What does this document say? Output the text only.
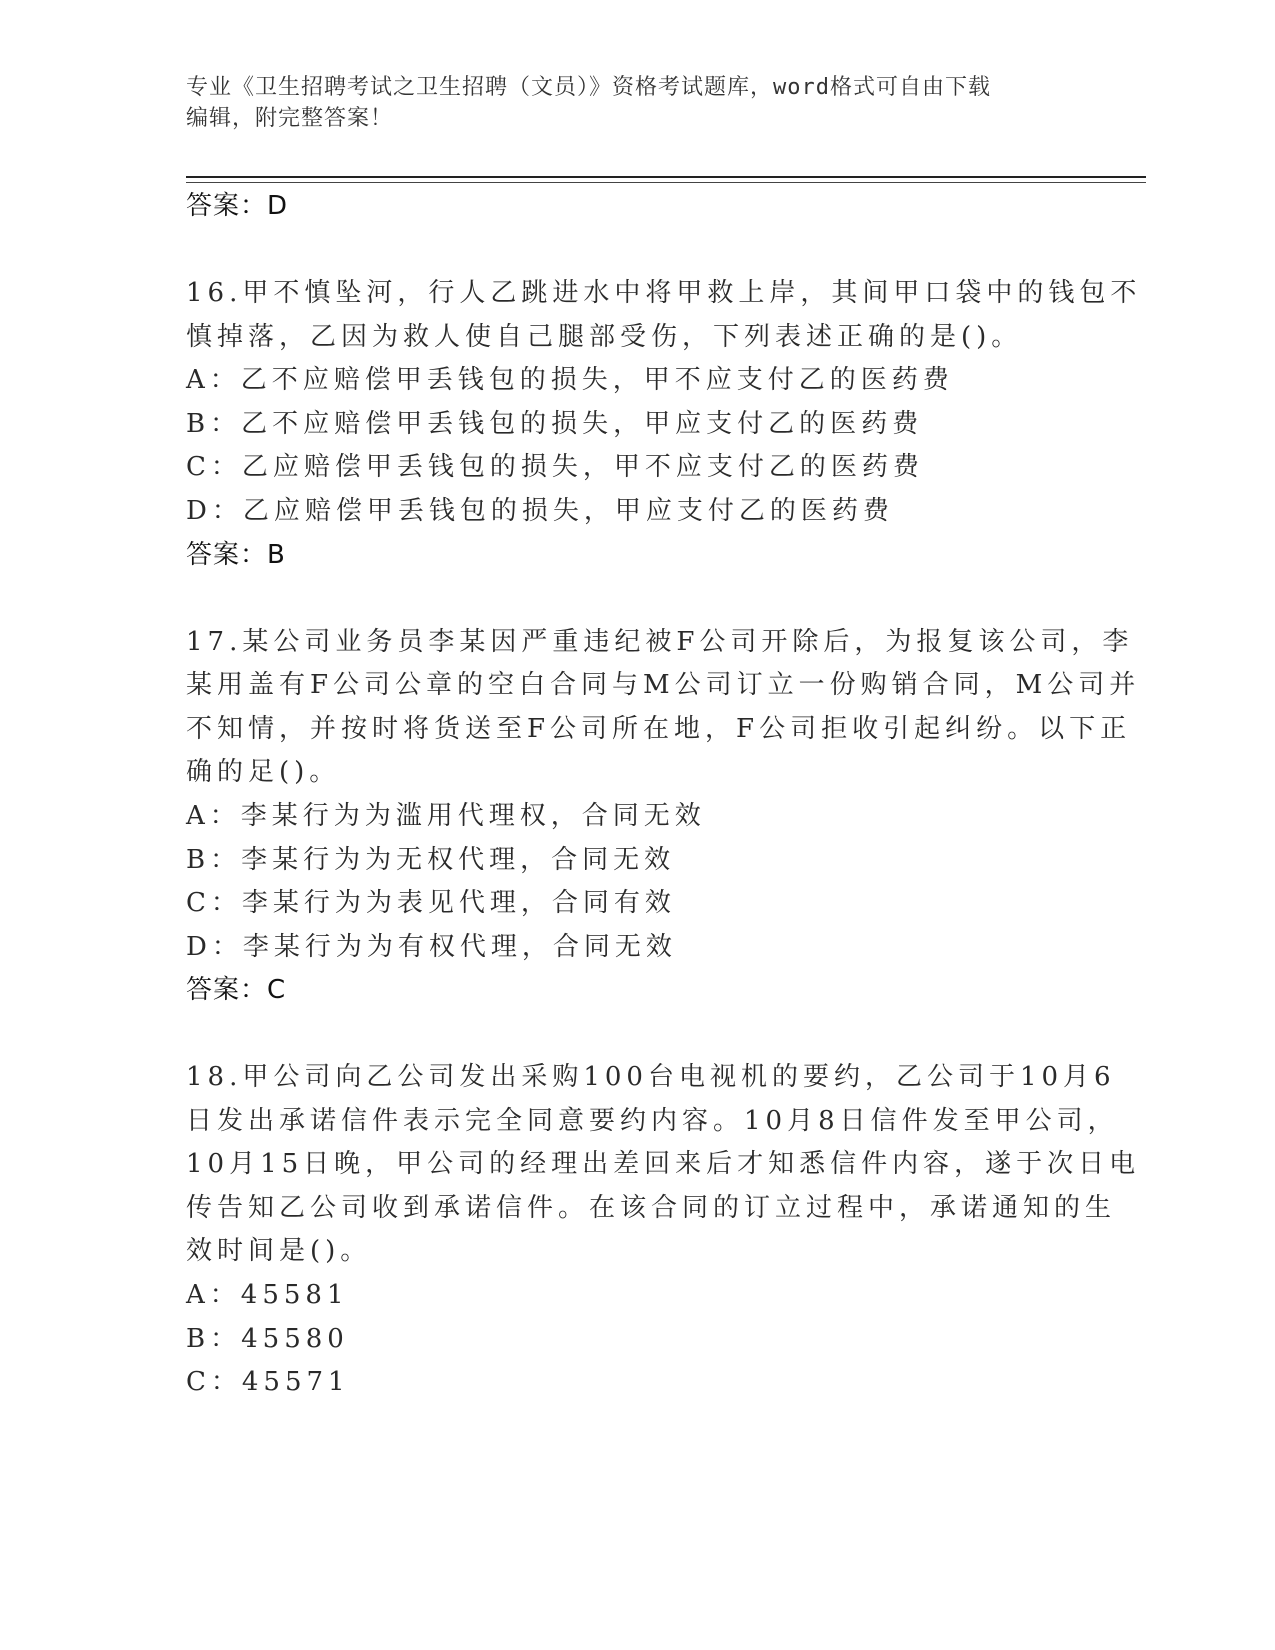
专业《卫生招聘考试之卫生招聘（文员）》资格考试题库，word格式可自由下载
编辑，附完整答案！
答案：D
16.甲不慎坠河，行人乙跳进水中将甲救上岸，其间甲口袋中的钱包不
慎掉落，乙因为救人使自己腿部受伤，下列表述正确的是()。
A：乙不应赔偿甲丢钱包的损失，甲不应支付乙的医药费
B：乙不应赔偿甲丢钱包的损失，甲应支付乙的医药费
C：乙应赔偿甲丢钱包的损失，甲不应支付乙的医药费
D：乙应赔偿甲丢钱包的损失，甲应支付乙的医药费
答案：B
17.某公司业务员李某因严重违纪被F公司开除后，为报复该公司，李
某用盖有F公司公章的空白合同与M公司订立一份购销合同，M公司并
不知情，并按时将货送至F公司所在地，F公司拒收引起纠纷。以下正
确的足()。
A：李某行为为滥用代理权，合同无效
B：李某行为为无权代理，合同无效
C：李某行为为表见代理，合同有效
D：李某行为为有权代理，合同无效
答案：C
18.甲公司向乙公司发出采购100台电视机的要约，乙公司于10月6
日发出承诺信件表示完全同意要约内容。10月8日信件发至甲公司，
10月15日晚，甲公司的经理出差回来后才知悉信件内容，遂于次日电
传告知乙公司收到承诺信件。在该合同的订立过程中，承诺通知的生
效时间是()。
A：45581
B：45580
C：45571
